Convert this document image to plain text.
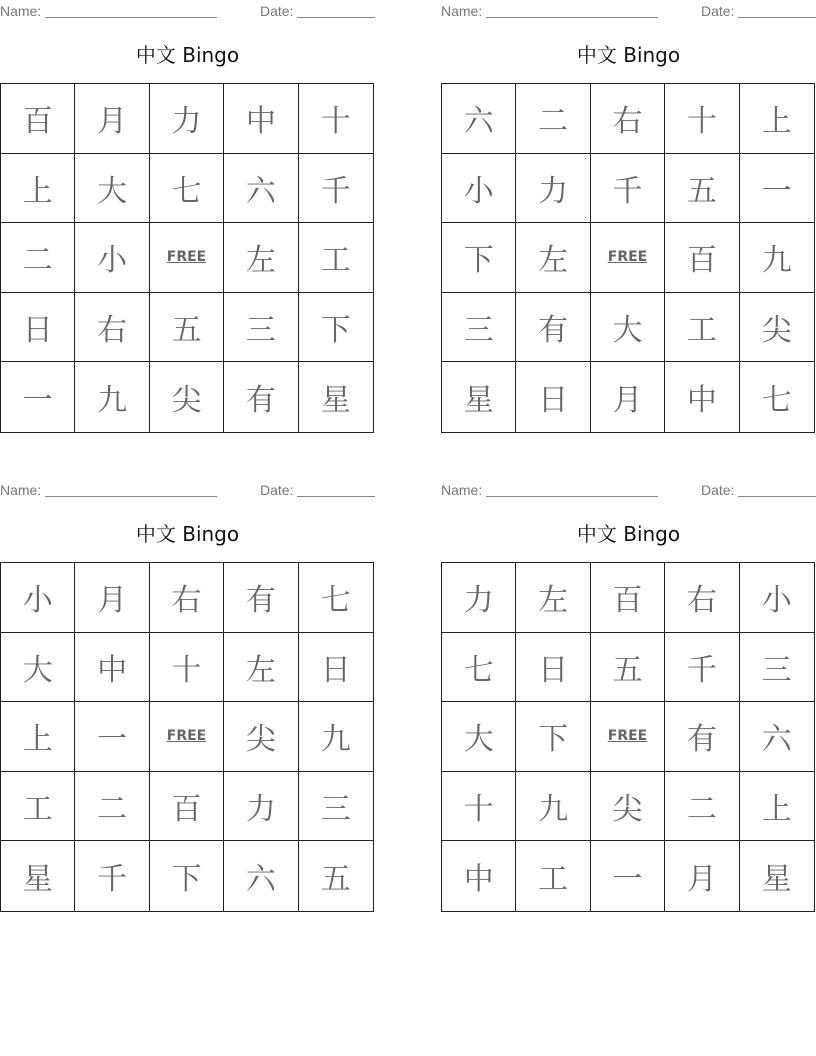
Name:	Date:
中文 Bingo
百	月	力	中	十
上	大	七	六	千
二	小	FREE	左	工
日	右	五	三	下
一	九	尖	有	星
Name:	Date:
中文 Bingo
六	二	右	十	上
小	力	千	五	一
下	左	FREE	百	九
三	有	大	工	尖
星	日	月	中	七
Name:	Date:
中文 Bingo
小	月	右	有	七
大	中	十	左	日
上	一	FREE	尖	九
工	二	百	力	三
星	千	下	六	五
Name:	Date:
中文 Bingo
力	左	百	右	小
七	日	五	千	三
大	下	FREE	有	六
十	九	尖	二	上
中	工	一	月	星
